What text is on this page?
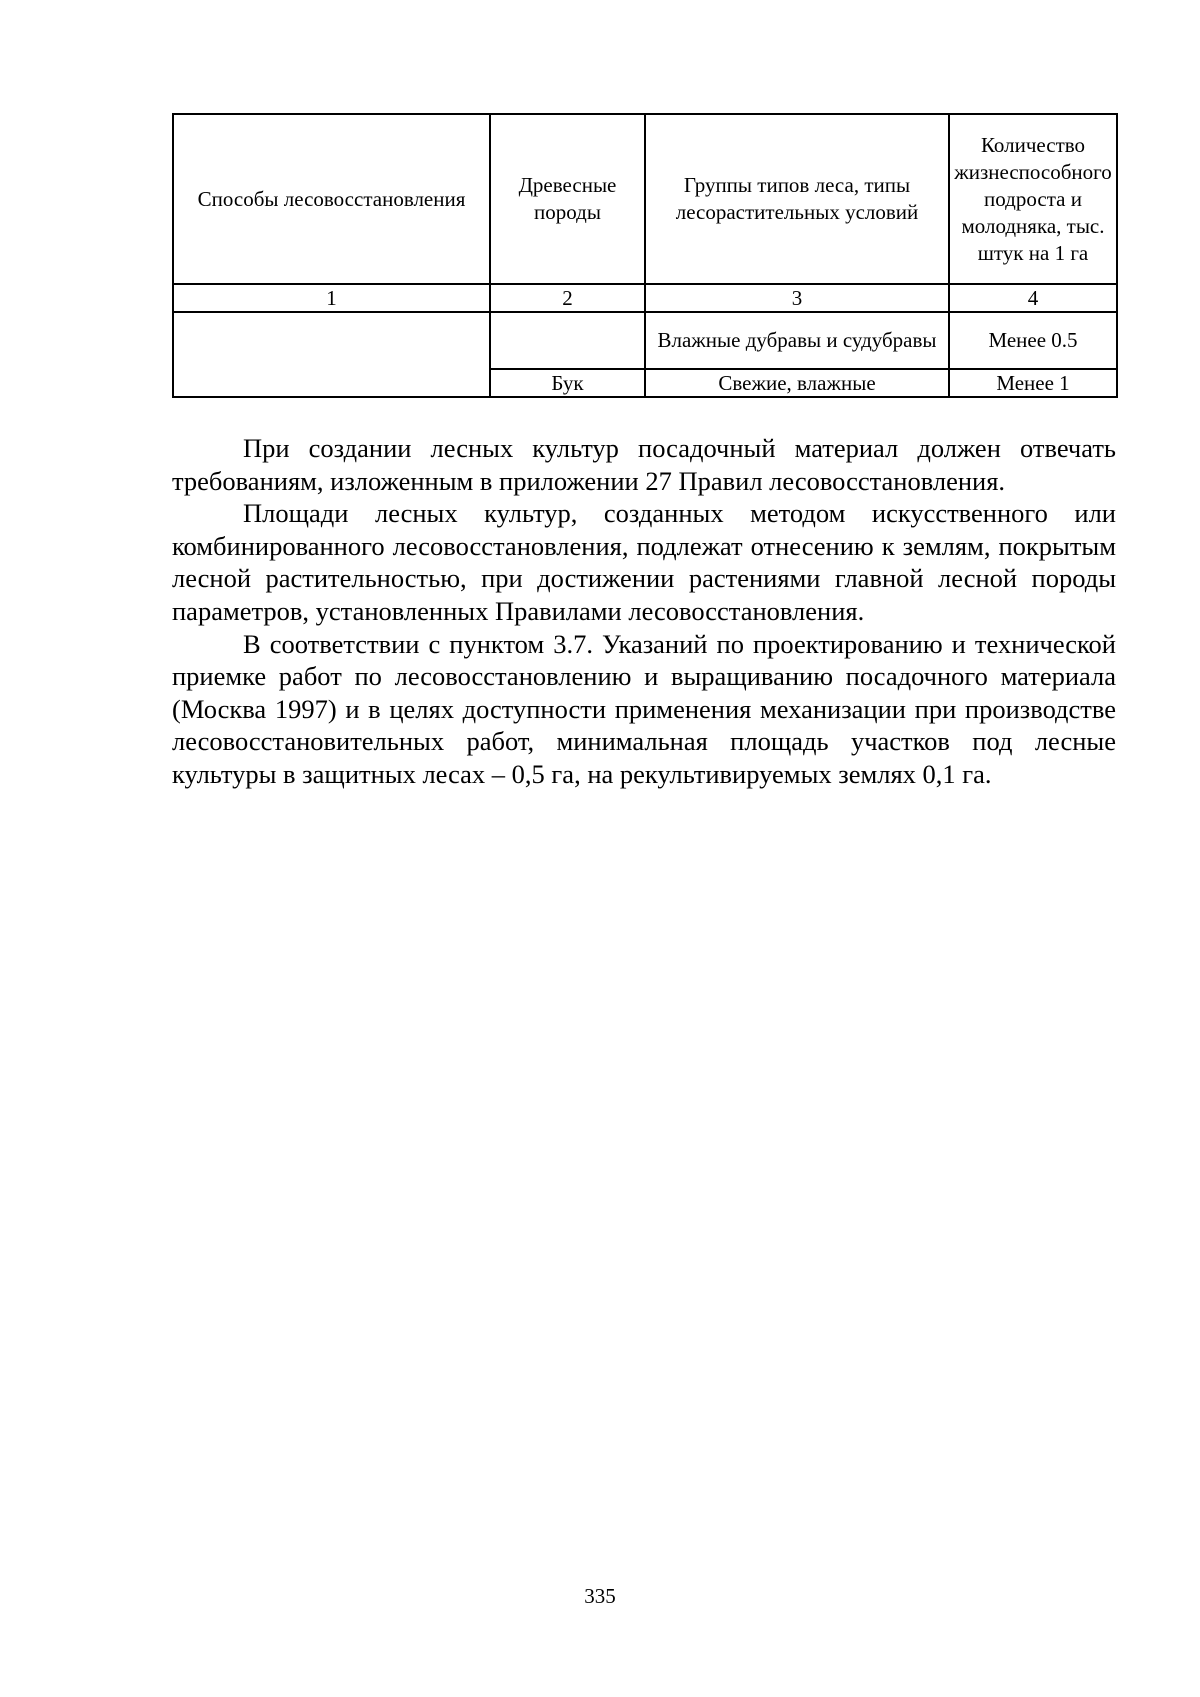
Способы лесовосстановления	Древесные породы	Группы типов леса, типы лесорастительных условий	Количество жизнеспособного подроста и молодняка, тыс. штук на 1 га
1	2	3	4
		Влажные дубравы и судубравы	Менее 0.5
	Бук	Свежие, влажные	Менее 1

При создании лесных культур посадочный материал должен отвечать требованиям, изложенным в приложении 27 Правил лесовосстановления.

Площади лесных культур, созданных методом искусственного или комбинированного лесовосстановления, подлежат отнесению к землям, покрытым лесной растительностью, при достижении растениями главной лесной породы параметров, установленных Правилами лесовосстановления.

В соответствии с пунктом 3.7. Указаний по проектированию и технической приемке работ по лесовосстановлению и выращиванию посадочного материала (Москва 1997) и в целях доступности применения механизации при производстве лесовосстановительных работ, минимальная площадь участков под лесные культуры в защитных лесах – 0,5 га, на рекультивируемых землях 0,1 га.

335
